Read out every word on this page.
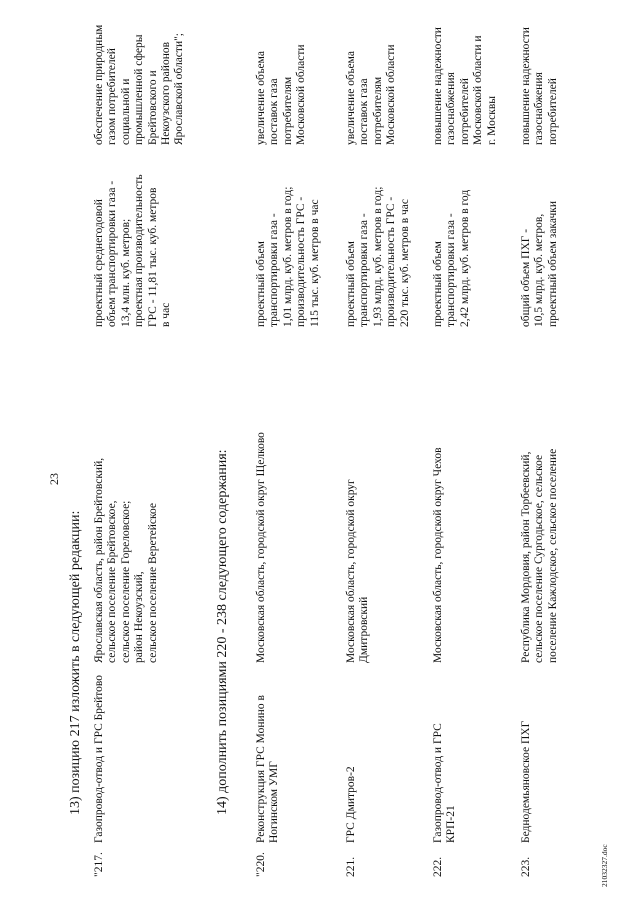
23
13) позицию 217 изложить в следующей редакции:
"217.
Газопровод-отвод и ГРС Брейтово
Ярославская область, район Брейтовский, сельское поселение Брейтовское, сельское поселение Гореловское; район Некоузский, сельское поселение Веретейское
проектный среднегодовой объем транспортировки газа - 13,4 млн. куб. метров; проектная производительность ГРС - 11,81 тыс. куб. метров в час
обеспечение природным газом потребителей социальной и промышленной сферы Брейтовского и Некоузского районов Ярославской области";
14) дополнить позициями 220 - 238 следующего содержания:
"220.
Реконструкция ГРС Монино в Ногинском УМГ
Московская область, городской округ Щелково
проектный объем транспортировки газа - 1,01 млрд. куб. метров в год; производительность ГРС - 115 тыс. куб. метров в час
увеличение объема поставок газа потребителям Московской области
221.
ГРС Дмитров-2
Московская область, городской округ Дмитровский
проектный объем транспортировки газа - 1,93 млрд. куб. метров в год; производительность ГРС - 220 тыс. куб. метров в час
увеличение объема поставок газа потребителям Московской области
222.
Газопровод-отвод и ГРС КРП-21
Московская область, городской округ Чехов
проектный объем транспортировки газа - 2,42 млрд. куб. метров в год
повышение надежности газоснабжения потребителей Московской области и г. Москвы
223.
Беднодемьяновское ПХГ
Республика Мордовия, район Торбеевский, сельское поселение Сургодьское, сельское поселение Кажлодское, сельское поселение
общий объем ПХГ - 10,5 млрд. куб. метров, проектный объем закачки
повышение надежности газоснабжения потребителей
21032327.doc
